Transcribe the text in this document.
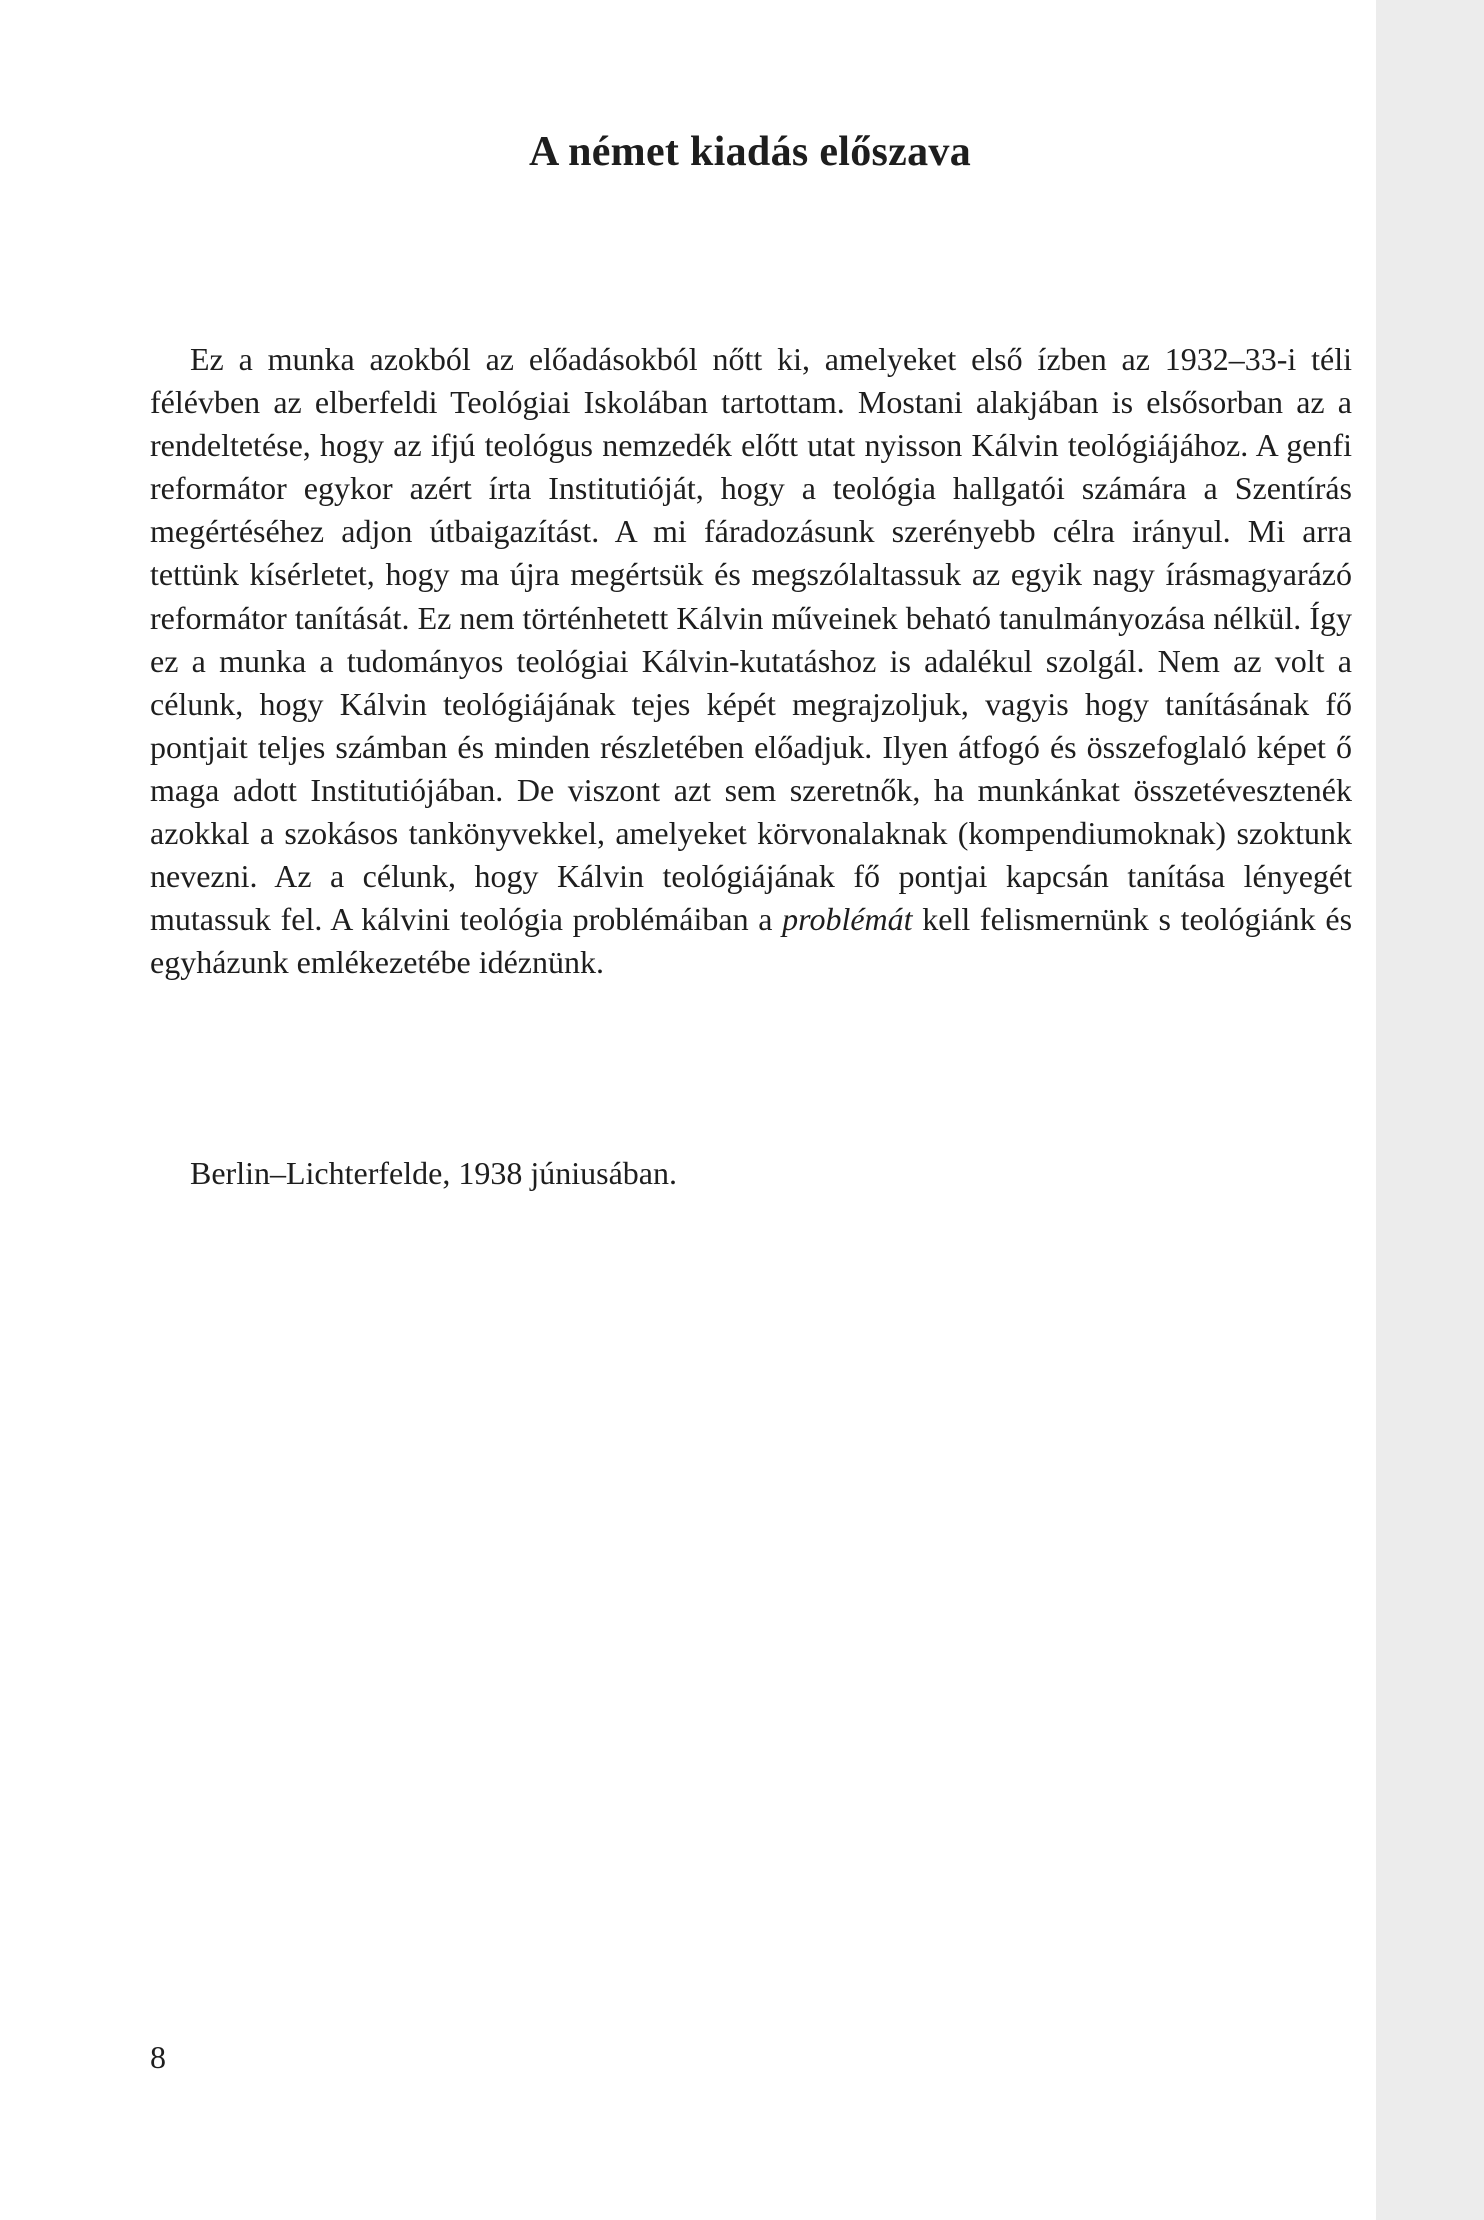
A német kiadás előszava

Ez a munka azokból az előadásokból nőtt ki, amelyeket első ízben az 1932–33-i téli félévben az elberfeldi Teológiai Iskolában tartottam. Mostani alakjában is elsősorban az a rendeltetése, hogy az ifjú teológus nemzedék előtt utat nyisson Kálvin teológiájához. A genfi reformátor egykor azért írta Institutióját, hogy a teológia hallgatói számára a Szentírás megértéséhez adjon útbaigazítást. A mi fáradozásunk szerényebb célra irányul. Mi arra tettünk kísérletet, hogy ma újra megértsük és megszólaltassuk az egyik nagy írásmagyarázó reformátor tanítását. Ez nem történhetett Kálvin műveinek beható tanulmányozása nélkül. Így ez a munka a tudományos teológiai Kálvin-kutatáshoz is adalékul szolgál. Nem az volt a célunk, hogy Kálvin teológiájának tejes képét megrajzoljuk, vagyis hogy tanításának fő pontjait teljes számban és minden részletében előadjuk. Ilyen átfogó és összefoglaló képet ő maga adott Institutiójában. De viszont azt sem szeretnők, ha munkánkat összetévesztenék azokkal a szokásos tankönyvekkel, amelyeket körvonalaknak (kompendiumoknak) szoktunk nevezni. Az a célunk, hogy Kálvin teológiájának fő pontjai kapcsán tanítása lényegét mutassuk fel. A kálvini teológia problémáiban a problémát kell felismernünk s teológiánk és egyházunk emlékezetébe idéznünk.

Berlin–Lichterfelde, 1938 júniusában.

8
